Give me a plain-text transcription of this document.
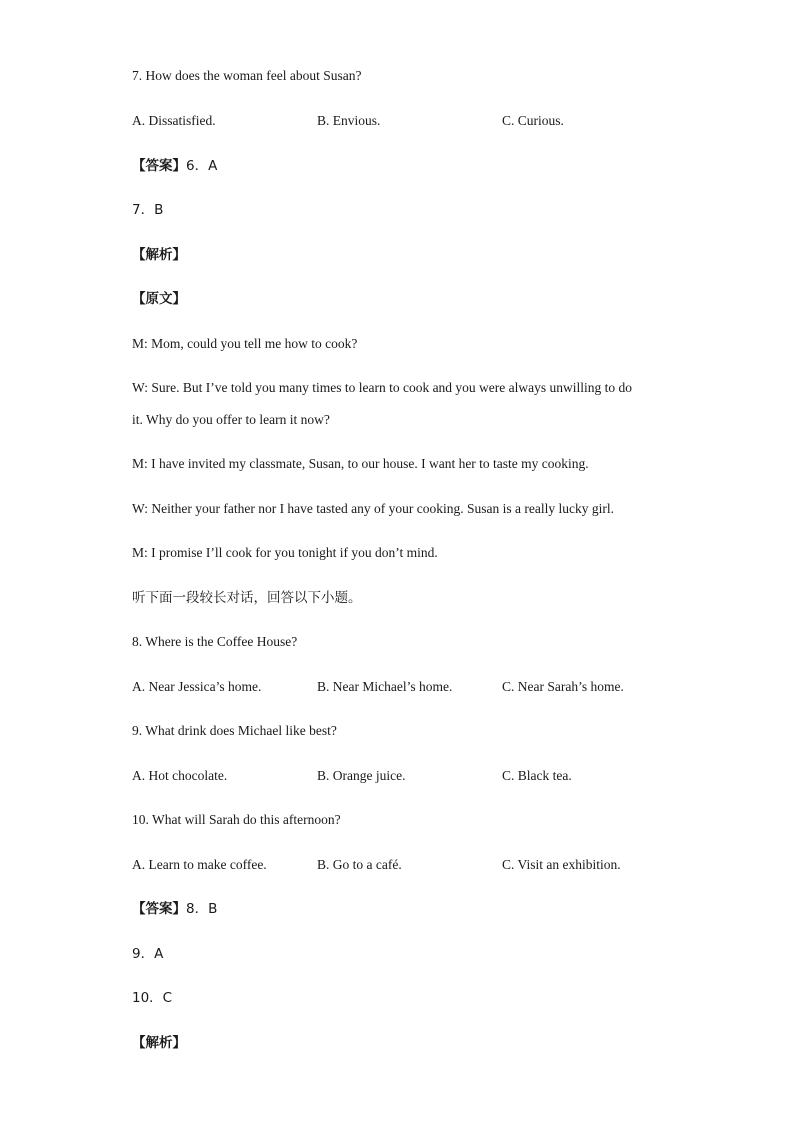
7. How does the woman feel about Susan?
A. Dissatisfied.	B. Envious.	C. Curious.
【答案】6．A
7．B
【解析】
【原文】
M: Mom, could you tell me how to cook?
W: Sure. But I’ve told you many times to learn to cook and you were always unwilling to do
it. Why do you offer to learn it now?
M: I have invited my classmate, Susan, to our house. I want her to taste my cooking.
W: Neither your father nor I have tasted any of your cooking. Susan is a really lucky girl.
M: I promise I’ll cook for you tonight if you don’t mind.
听下面一段较长对话，回答以下小题。
8. Where is the Coffee House?
A. Near Jessica’s home.	B. Near Michael’s home.	C. Near Sarah’s home.
9. What drink does Michael like best?
A. Hot chocolate.	B. Orange juice.	C. Black tea.
10. What will Sarah do this afternoon?
A. Learn to make coffee.	B. Go to a café.	C. Visit an exhibition.
【答案】8．B
9．A
10．C
【解析】
